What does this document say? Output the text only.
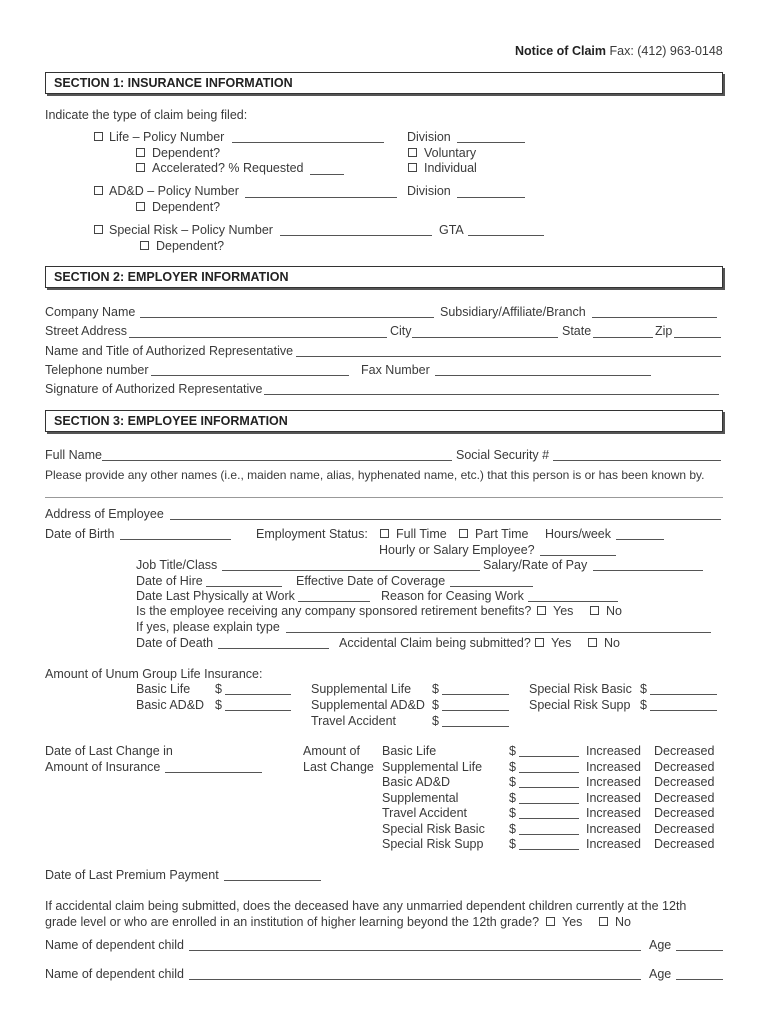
Notice of Claim Fax: (412) 963-0148
SECTION 1: INSURANCE INFORMATION
Indicate the type of claim being filed:
Life – Policy Number	Division
Dependent?	Voluntary
Accelerated? % Requested	Individual
AD&D – Policy Number	Division
Dependent?
Special Risk – Policy Number	GTA
Dependent?
SECTION 2: EMPLOYER INFORMATION
Company Name	Subsidiary/Affiliate/Branch
Street Address	City	State	Zip
Name and Title of Authorized Representative
Telephone number	Fax Number
Signature of Authorized Representative
SECTION 3: EMPLOYEE INFORMATION
Full Name	Social Security #
Please provide any other names (i.e., maiden name, alias, hyphenated name, etc.) that this person is or has been known by.
Address of Employee
Date of Birth	Employment Status: Full Time Part Time Hours/week
Hourly or Salary Employee?
Job Title/Class	Salary/Rate of Pay
Date of Hire	Effective Date of Coverage
Date Last Physically at Work	Reason for Ceasing Work
Is the employee receiving any company sponsored retirement benefits? Yes	No
If yes, please explain type
Date of Death	Accidental Claim being submitted? Yes	No
Amount of Unum Group Life Insurance:
Basic Life $	Supplemental Life $	Special Risk Basic $
Basic AD&D $	Supplemental AD&D $	Special Risk Supp $
Travel Accident	$
Date of Last Change in
Amount of Insurance
Amount of
Last Change
Basic Life	$	Increased Decreased
Supplemental Life $	Increased Decreased
Basic AD&D	$	Increased Decreased
Supplemental	$	Increased Decreased
Travel Accident	$	Increased Decreased
Special Risk Basic $	Increased Decreased
Special Risk Supp $	Increased Decreased
Date of Last Premium Payment
If accidental claim being submitted, does the deceased have any unmarried dependent children currently at the 12th
grade level or who are enrolled in an institution of higher learning beyond the 12th grade? Yes	No
Name of dependent child	Age
Name of dependent child	Age
